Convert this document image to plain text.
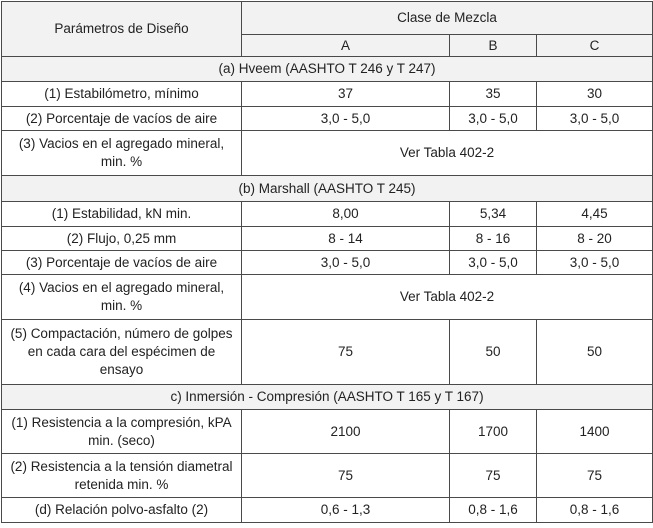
Parámetros de Diseño	Clase de Mezcla		
	A	B	C
(a) Hveem (AASHTO T 246 y T 247)			
(1) Estabilómetro, mínimo	37	35	30
(2) Porcentaje de vacíos de aire	3,0 - 5,0	3,0 - 5,0	3,0 - 5,0
(3) Vacios en el agregado mineral, min. %	Ver Tabla 402-2		
(b) Marshall (AASHTO T 245)			
(1) Estabilidad, kN min.	8,00	5,34	4,45
(2) Flujo, 0,25 mm	8 - 14	8 - 16	8 - 20
(3) Porcentaje de vacíos de aire	3,0 - 5,0	3,0 - 5,0	3,0 - 5,0
(4) Vacios en el agregado mineral, min. %	Ver Tabla 402-2		
(5) Compactación, número de golpes en cada cara del espécimen de ensayo	75	50	50
c) Inmersión - Compresión (AASHTO T 165 y T 167)			
(1) Resistencia a la compresión, kPA min. (seco)	2100	1700	1400
(2) Resistencia a la tensión diametral retenida min. %	75	75	75
(d) Relación polvo-asfalto (2)	0,6 - 1,3	0,8 - 1,6	0,8 - 1,6
